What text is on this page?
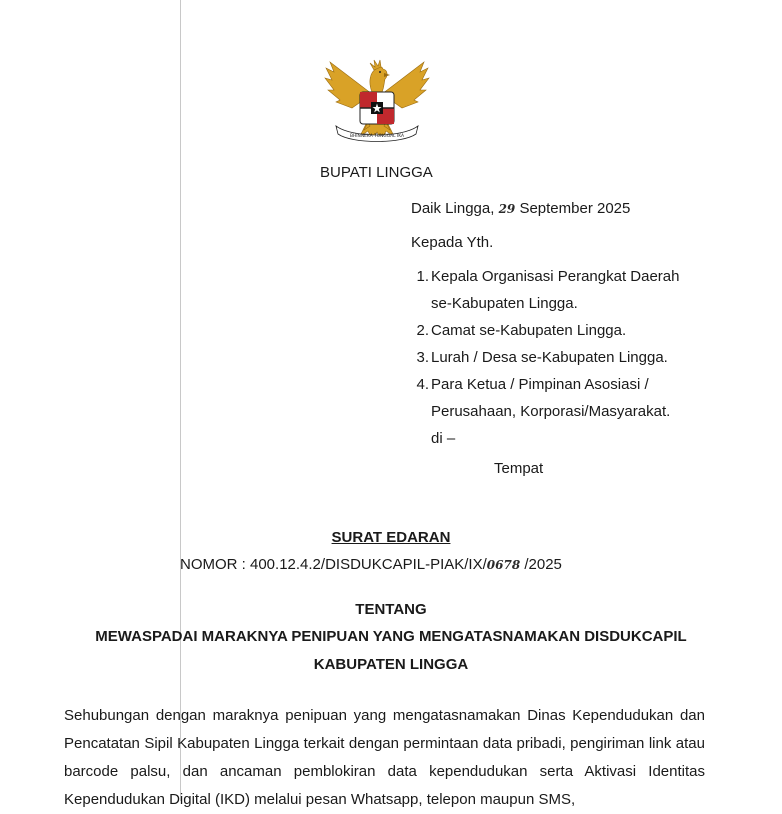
BHINNEKA TUNGGAL IKA
BUPATI LINGGA
Daik Lingga, 29 September 2025
Kepada Yth.
1. Kepala Organisasi Perangkat Daerah
se-Kabupaten Lingga.
2. Camat se-Kabupaten Lingga.
3. Lurah / Desa se-Kabupaten Lingga.
4. Para Ketua / Pimpinan Asosiasi /
Perusahaan, Korporasi/Masyarakat.
di –
Tempat
SURAT EDARAN
NOMOR : 400.12.4.2/DISDUKCAPIL-PIAK/IX/0678 /2025
TENTANG
MEWASPADAI MARAKNYA PENIPUAN YANG MENGATASNAMAKAN DISDUKCAPIL
KABUPATEN LINGGA

Sehubungan dengan maraknya penipuan yang mengatasnamakan Dinas Kependudukan dan Pencatatan Sipil Kabupaten Lingga terkait dengan permintaan data pribadi, pengiriman link atau barcode palsu, dan ancaman pemblokiran data kependudukan serta Aktivasi Identitas Kependudukan Digital (IKD) melalui pesan Whatsapp, telepon maupun SMS,
